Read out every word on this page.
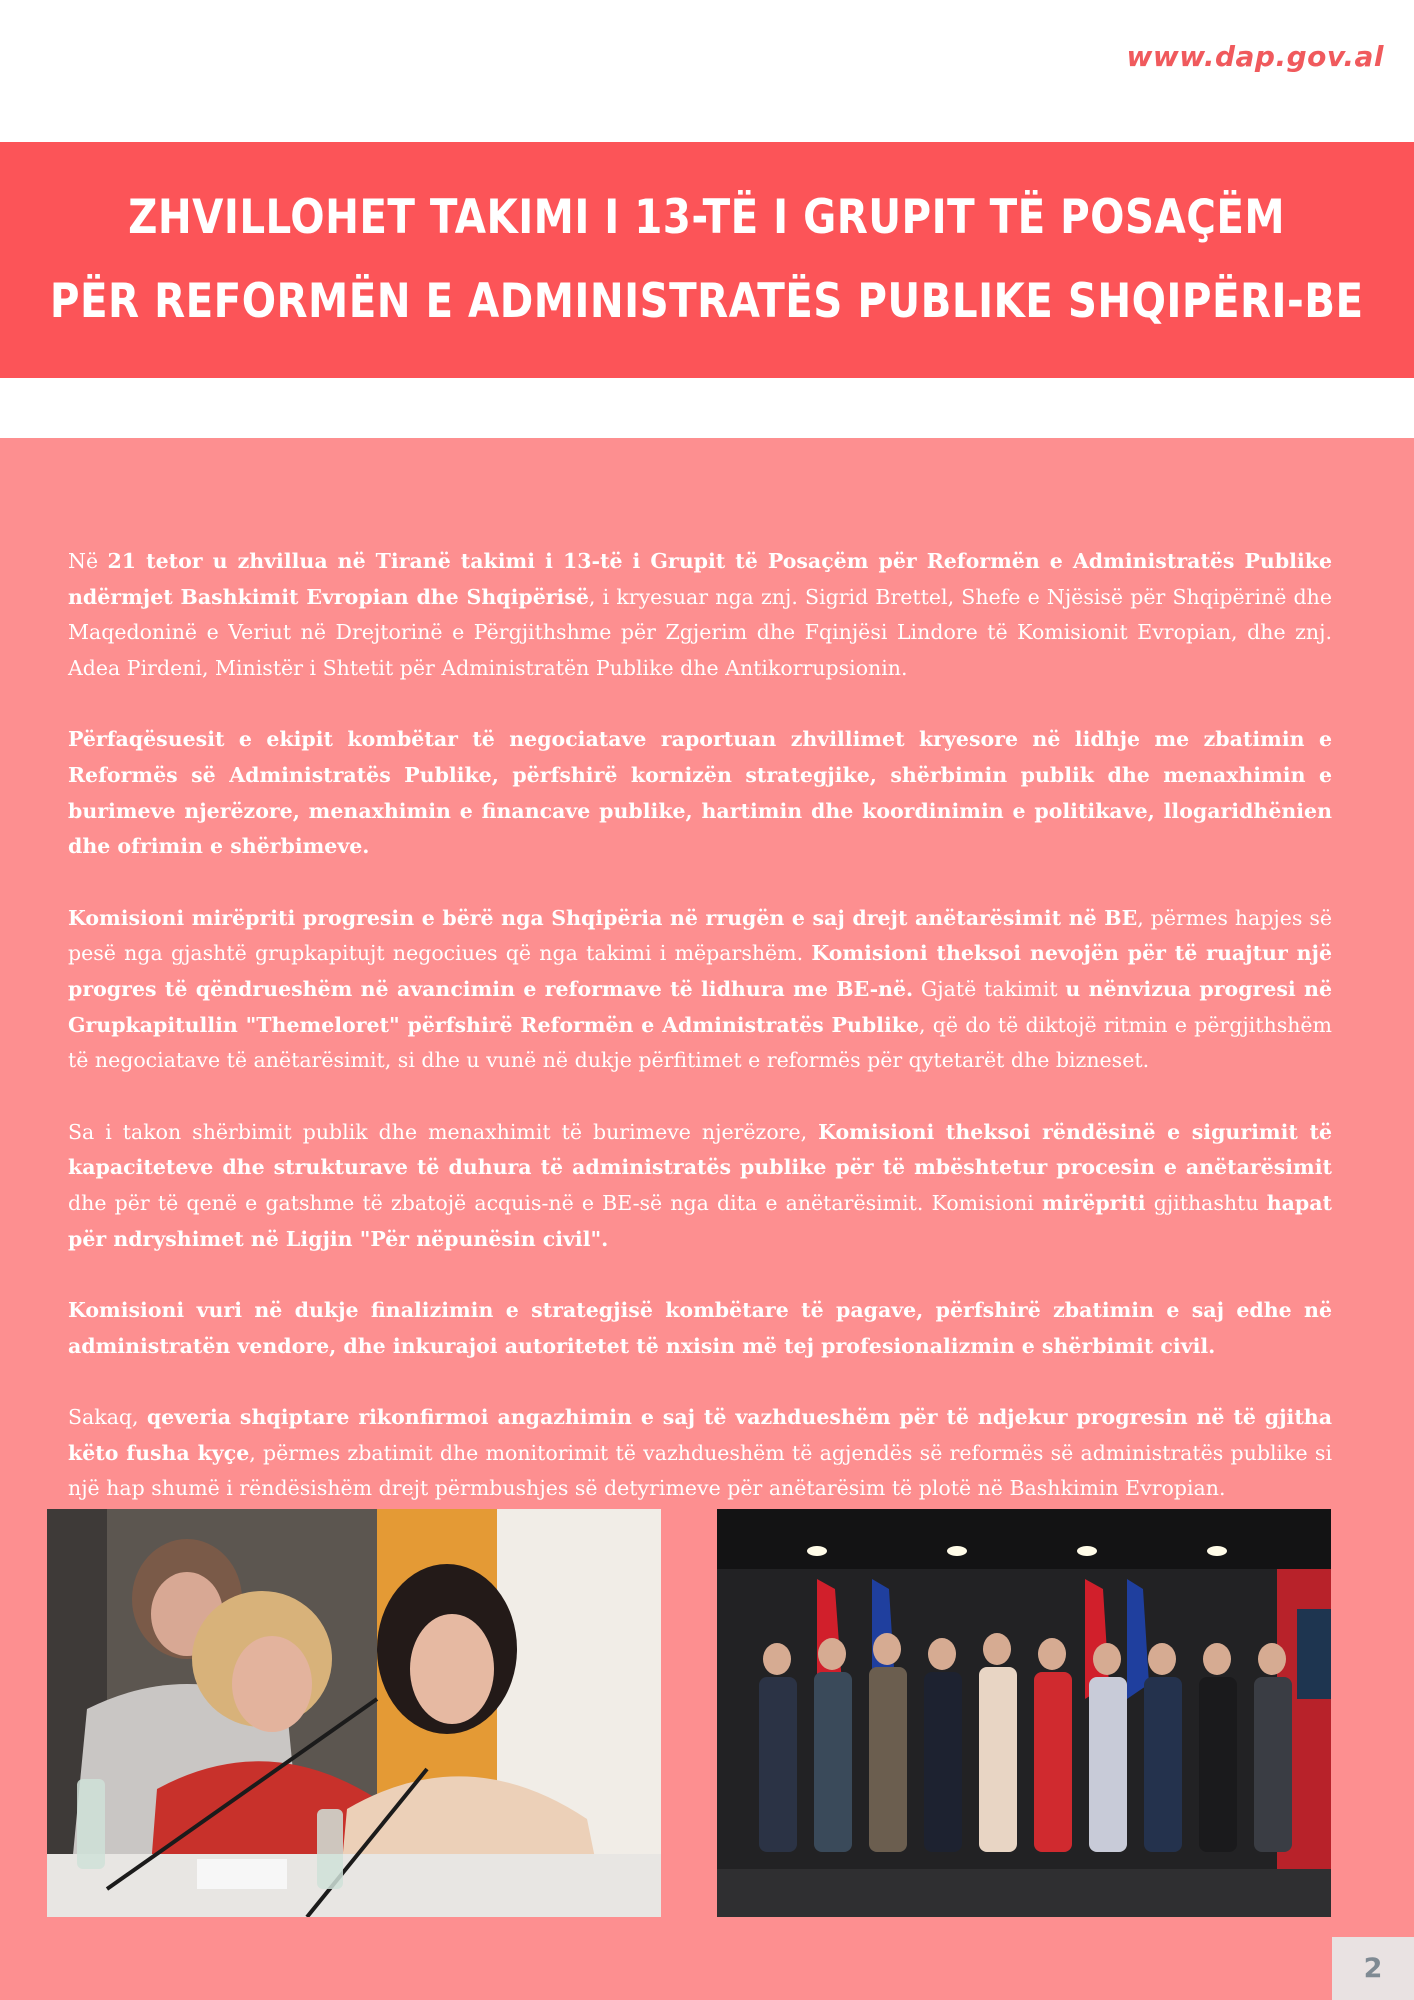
www.dap.gov.al
ZHVILLOHET TAKIMI I 13-TË I GRUPIT TË POSAÇËM
PËR REFORMËN E ADMINISTRATËS PUBLIKE SHQIPËRI-BE

Në 21 tetor u zhvillua në Tiranë takimi i 13-të i Grupit të Posaçëm për Reformën e Administratës Publike ndërmjet Bashkimit Evropian dhe Shqipërisë, i kryesuar nga znj. Sigrid Brettel, Shefe e Njësisë për Shqipërinë dhe Maqedoninë e Veriut në Drejtorinë e Përgjithshme për Zgjerim dhe Fqinjësi Lindore të Komisionit Evropian, dhe znj. Adea Pirdeni, Ministër i Shtetit për Administratën Publike dhe Antikorrupsionin.

Përfaqësuesit e ekipit kombëtar të negociatave raportuan zhvillimet kryesore në lidhje me zbatimin e Reformës së Administratës Publike, përfshirë kornizën strategjike, shërbimin publik dhe menaxhimin e burimeve njerëzore, menaxhimin e financave publike, hartimin dhe koordinimin e politikave, llogaridhënien dhe ofrimin e shërbimeve.

Komisioni mirëpriti progresin e bërë nga Shqipëria në rrugën e saj drejt anëtarësimit në BE, përmes hapjes së pesë nga gjashtë grupkapitujt negociues që nga takimi i mëparshëm. Komisioni theksoi nevojën për të ruajtur një progres të qëndrueshëm në avancimin e reformave të lidhura me BE-në. Gjatë takimit u nënvizua progresi në Grupkapitullin "Themeloret" përfshirë Reformën e Administratës Publike, që do të diktojë ritmin e përgjithshëm të negociatave të anëtarësimit, si dhe u vunë në dukje përfitimet e reformës për qytetarët dhe bizneset.

Sa i takon shërbimit publik dhe menaxhimit të burimeve njerëzore, Komisioni theksoi rëndësinë e sigurimit të kapaciteteve dhe strukturave të duhura të administratës publike për të mbështetur procesin e anëtarësimit dhe për të qenë e gatshme të zbatojë acquis-në e BE-së nga dita e anëtarësimit. Komisioni mirëpriti gjithashtu hapat për ndryshimet në Ligjin "Për nëpunësin civil".

Komisioni vuri në dukje finalizimin e strategjisë kombëtare të pagave, përfshirë zbatimin e saj edhe në administratën vendore, dhe inkurajoi autoritetet të nxisin më tej profesionalizmin e shërbimit civil.

Sakaq, qeveria shqiptare rikonfirmoi angazhimin e saj të vazhdueshëm për të ndjekur progresin në të gjitha këto fusha kyçe, përmes zbatimit dhe monitorimit të vazhdueshëm të agjendës së reformës së administratës publike si një hap shumë i rëndësishëm drejt përmbushjes së detyrimeve për anëtarësim të plotë në Bashkimin Evropian.

2
